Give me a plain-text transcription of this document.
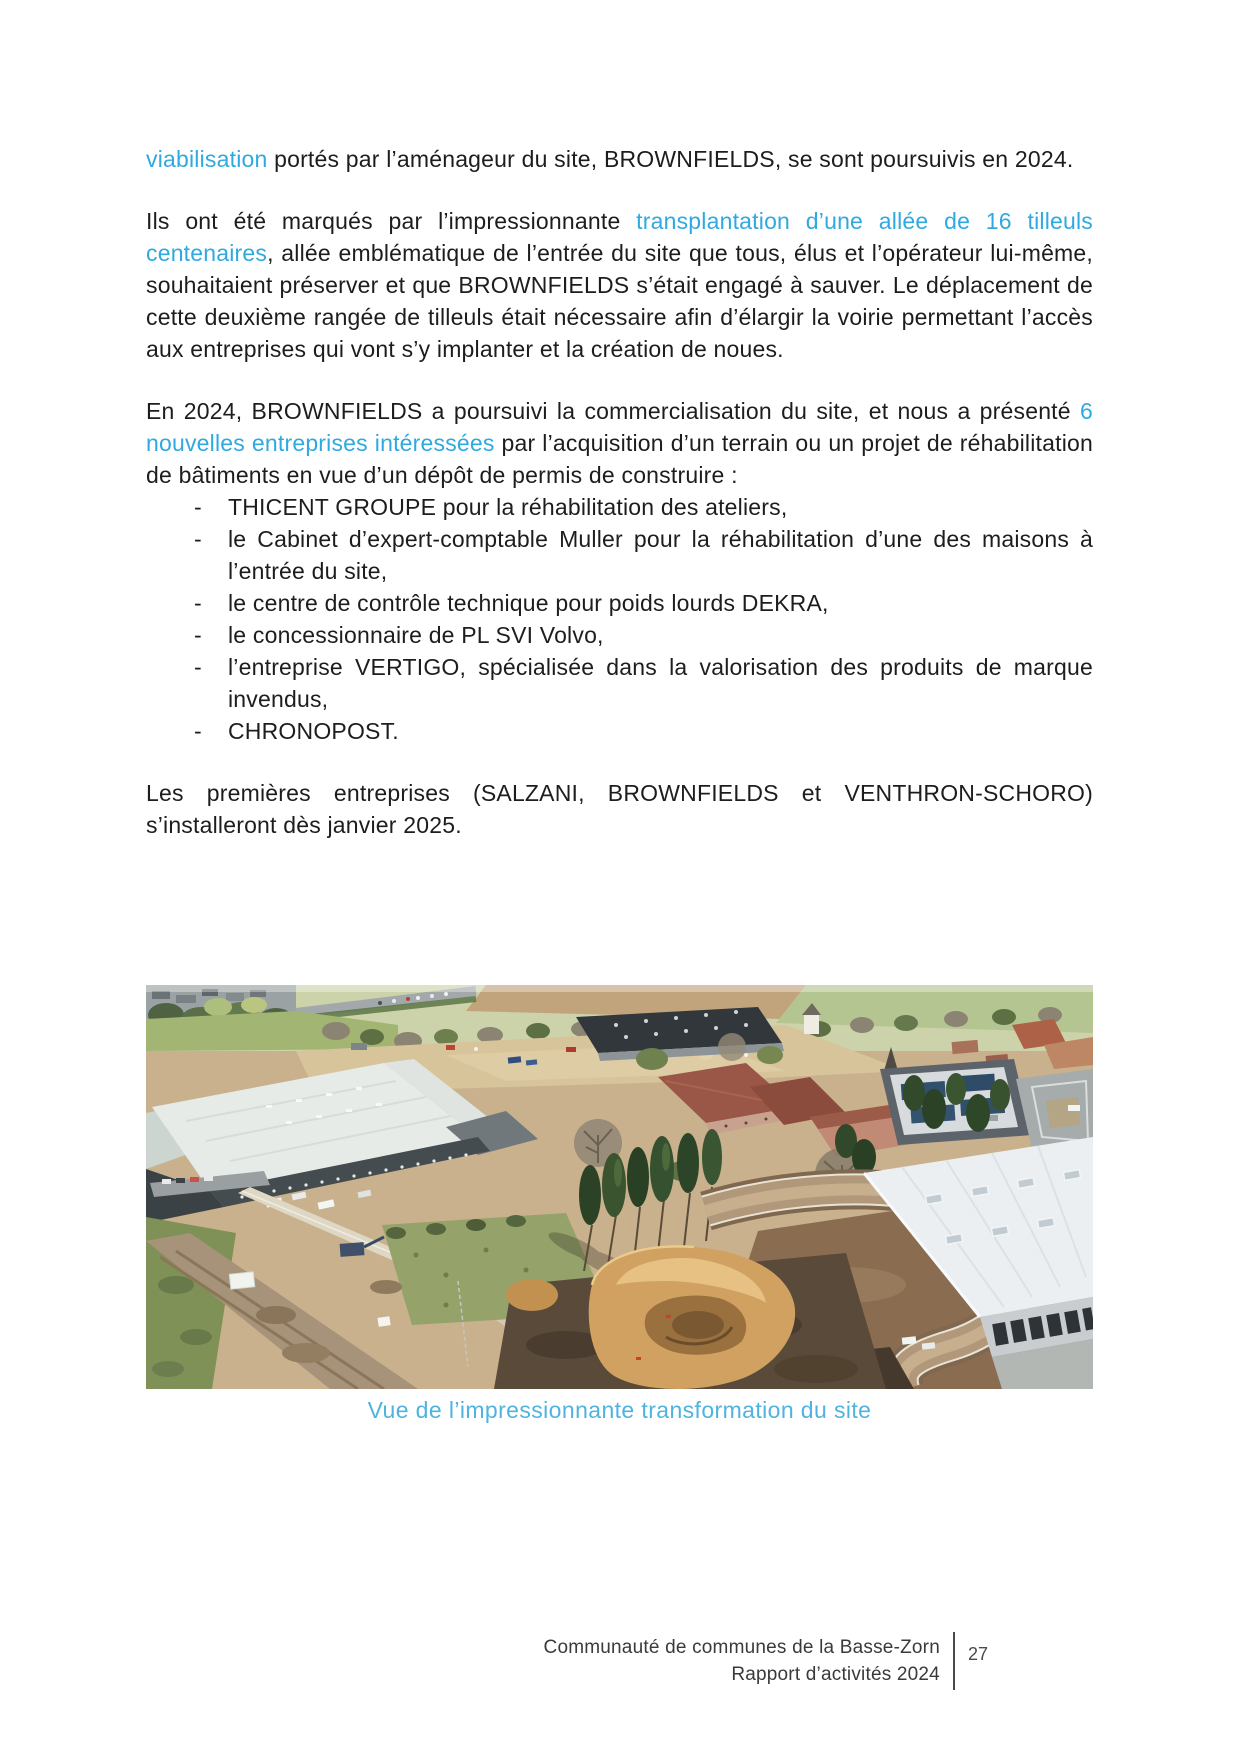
viabilisation portés par l’aménageur du site, BROWNFIELDS, se sont poursuivis en 2024.

Ils ont été marqués par l’impressionnante transplantation d’une allée de 16 tilleuls centenaires, allée emblématique de l’entrée du site que tous, élus et l’opérateur lui-même, souhaitaient préserver et que BROWNFIELDS s’était engagé à sauver. Le déplacement de cette deuxième rangée de tilleuls était nécessaire afin d’élargir la voirie permettant l’accès aux entreprises qui vont s’y implanter et la création de noues.

En 2024, BROWNFIELDS a poursuivi la commercialisation du site, et nous a présenté 6 nouvelles entreprises intéressées par l’acquisition d’un terrain ou un projet de réhabilitation de bâtiments en vue d’un dépôt de permis de construire :

- THICENT GROUPE pour la réhabilitation des ateliers,
- le Cabinet d’expert-comptable Muller pour la réhabilitation d’une des maisons à l’entrée du site,
- le centre de contrôle technique pour poids lourds DEKRA,
- le concessionnaire de PL SVI Volvo,
- l’entreprise VERTIGO, spécialisée dans la valorisation des produits de marque invendus,
- CHRONOPOST.

Les premières entreprises (SALZANI, BROWNFIELDS et VENTHRON-SCHORO) s’installeront dès janvier 2025.

Vue de l’impressionnante transformation du site
Communauté de communes de la Basse-Zorn
Rapport d’activités 2024
27
